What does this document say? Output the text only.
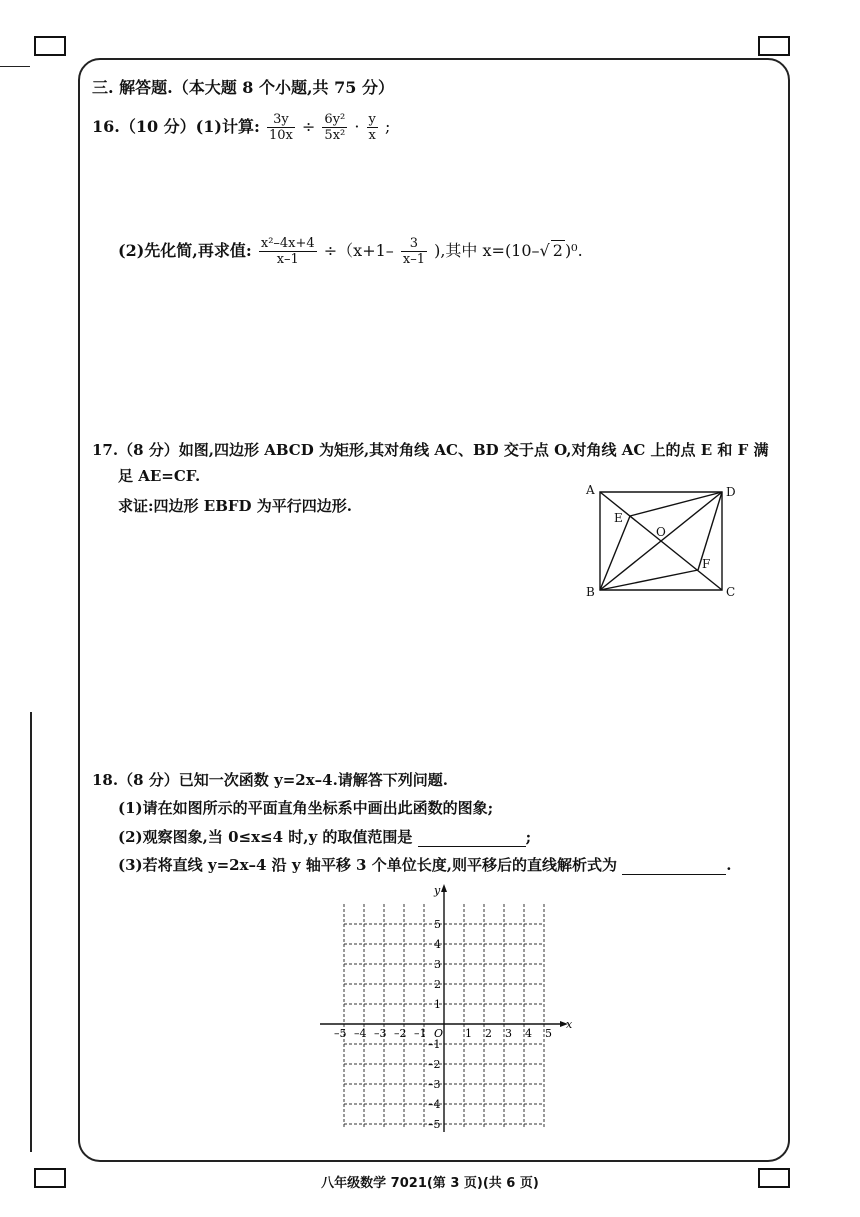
三. 解答题.（本大题 8 个小题,共 75 分）
16.（10 分）(1)计算: $\frac{3y}{10x} \div \frac{\text{6y²}}{\text{5x²}} \cdot \frac{y}{x}$ ;
(2)先化简,再求值: $\frac{\text{x²–4x+4}}{x-1} \div(x+1- \frac{3}{x-1}$ ),其中 x=(10–√ 2 )⁰.
17.（8 分）如图,四边形 ABCD 为矩形,其对角线 AC、BD 交于点 O,对角线 AC 上的点 E 和 F 满
足 AE=CF.
求证:四边形 EBFD 为平行四边形.
A	D
B	C
E
F
O
18.（8 分）已知一次函数 y=2x–4.请解答下列问题.
(1)请在如图所示的平面直角坐标系中画出此函数的图象;
(2)观察图象,当 0≤x≤4 时,y 的取值范围是	;
(3)若将直线 y=2x–4 沿 y 轴平移 3 个单位长度,则平移后的直线解析式为	.
x
y
O
–5 –4 –3 –2 –1	1 2 3 4 5
5
4
3
2
1
–1
–2
–3
–4
–5
八年级数学 7021(第 3 页)(共 6 页)
